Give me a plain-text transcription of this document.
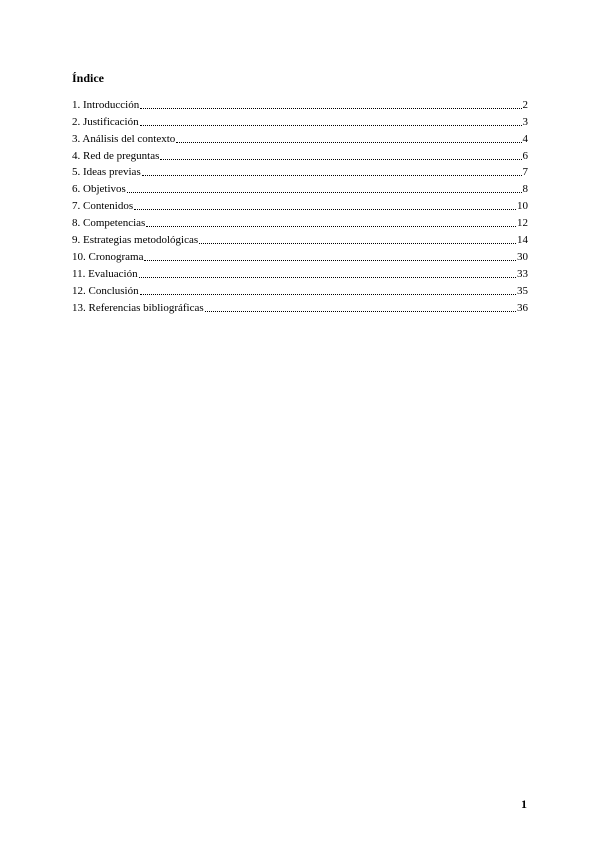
Índice
1. Introducción	2
2. Justificación	3
3. Análisis del contexto	4
4. Red de preguntas	6
5. Ideas previas	7
6. Objetivos	8
7. Contenidos	10
8. Competencias	12
9. Estrategias metodológicas	14
10. Cronograma	30
11. Evaluación	33
12. Conclusión	35
13. Referencias bibliográficas	36
1
